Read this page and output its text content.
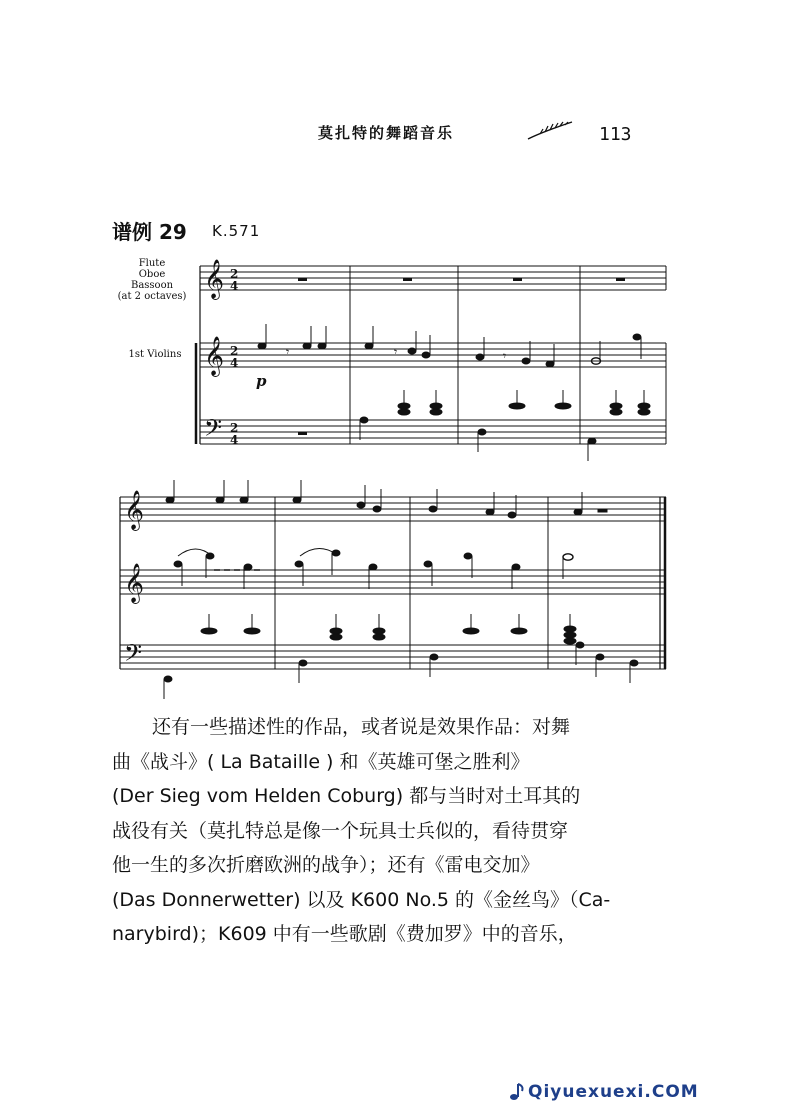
莫扎特的舞蹈音乐	113
谱例 29 K.571
Flute
Oboe
Bassoon
(at 2 octaves)
1st Violins
𝄞
𝄞
𝄢
2
4
2
4
2
4
𝄾	𝄾	𝄾
p
𝄞
𝄞
𝄢
还有一些描述性的作品，或者说是效果作品：对舞
曲《战斗》( La Bataille ) 和《英雄可堡之胜利》
(Der Sieg vom Helden Coburg) 都与当时对土耳其的
战役有关（莫扎特总是像一个玩具士兵似的，看待贯穿
他一生的多次折磨欧洲的战争）；还有《雷电交加》
(Das Donnerwetter) 以及 K600 No.5 的《金丝鸟》（Ca-
narybird)；K609 中有一些歌剧《费加罗》中的音乐，
Qiyuexuexi.COM
